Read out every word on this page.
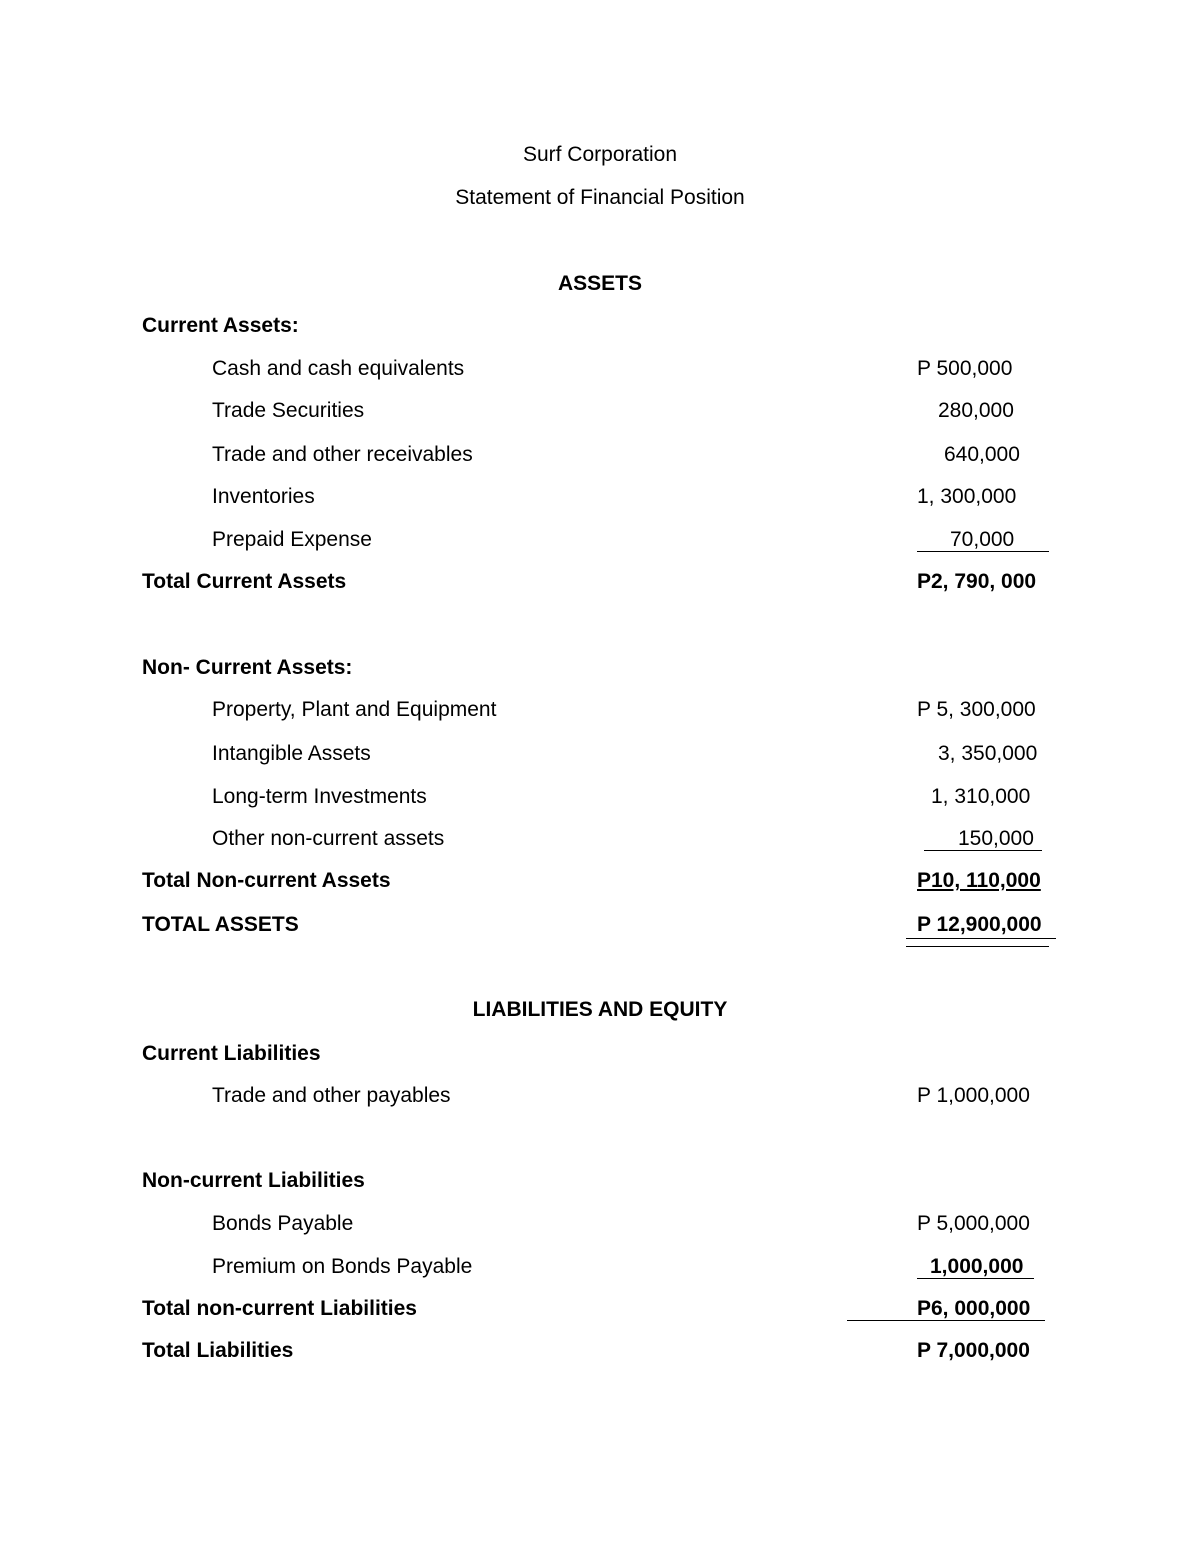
Surf Corporation
Statement of Financial Position
ASSETS
Current Assets:
Cash and cash equivalents	P 500,000
Trade Securities	280,000
Trade and other receivables	640,000
Inventories	1, 300,000
Prepaid Expense	70,000
Total Current Assets	P2, 790, 000
Non- Current Assets:
Property, Plant and Equipment	P 5, 300,000
Intangible Assets	3, 350,000
Long-term Investments	1, 310,000
Other non-current assets	150,000
Total Non-current Assets	P10, 110,000
TOTAL ASSETS	P 12,900,000
LIABILITIES AND EQUITY
Current Liabilities
Trade and other payables	P 1,000,000
Non-current Liabilities
Bonds Payable	P 5,000,000
Premium on Bonds Payable	1,000,000
Total non-current Liabilities	P6, 000,000
Total Liabilities	P 7,000,000
